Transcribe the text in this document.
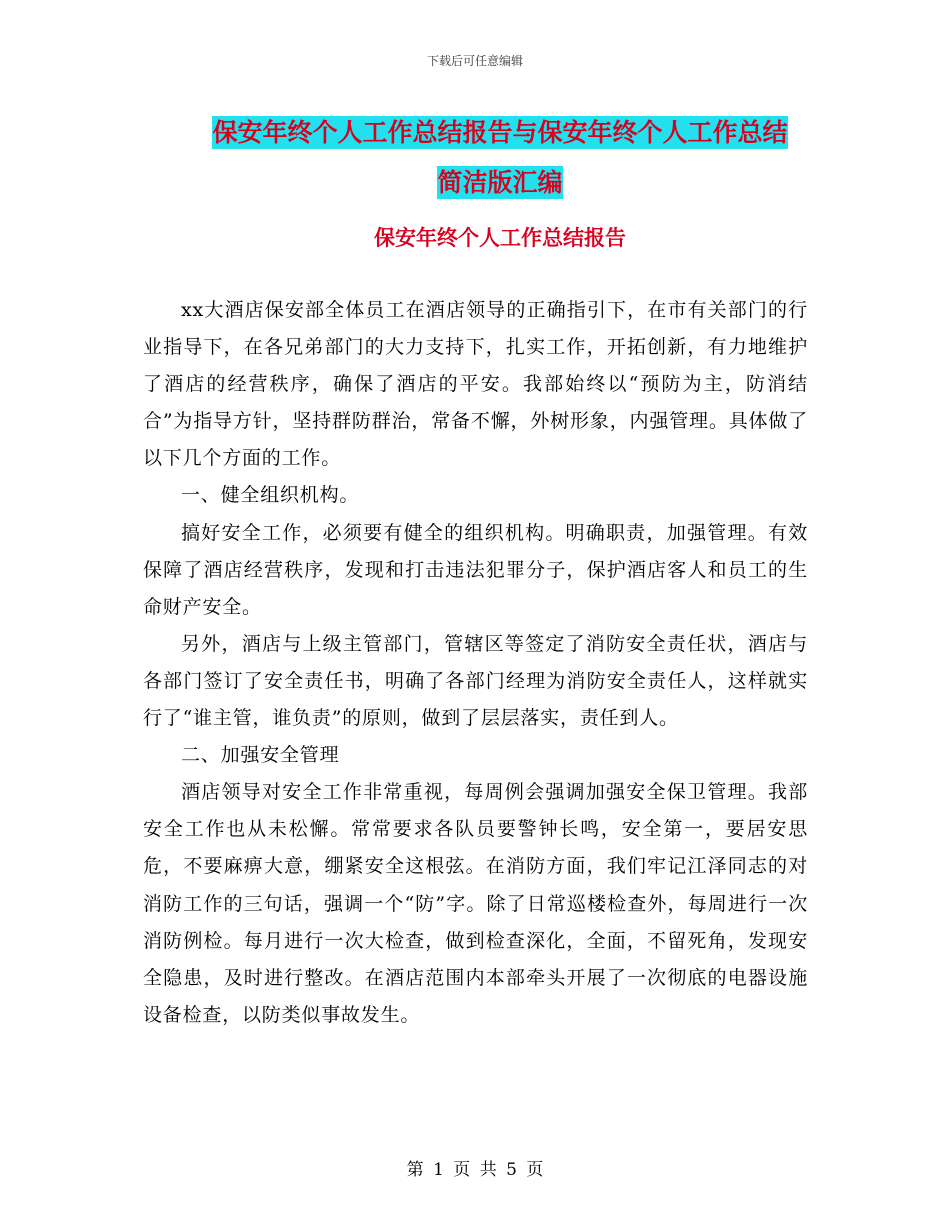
下载后可任意编辑
保安年终个人工作总结报告与保安年终个人工作总结
简洁版汇编
保安年终个人工作总结报告

xx大酒店保安部全体员工在酒店领导的正确指引下，在市有关部门的行业指导下，在各兄弟部门的大力支持下，扎实工作，开拓创新，有力地维护了酒店的经营秩序，确保了酒店的平安。我部始终以“预防为主，防消结合”为指导方针，坚持群防群治，常备不懈，外树形象，内强管理。具体做了以下几个方面的工作。

一、健全组织机构。

搞好安全工作，必须要有健全的组织机构。明确职责，加强管理。有效保障了酒店经营秩序，发现和打击违法犯罪分子，保护酒店客人和员工的生命财产安全。

另外，酒店与上级主管部门，管辖区等签定了消防安全责任状，酒店与各部门签订了安全责任书，明确了各部门经理为消防安全责任人，这样就实行了“谁主管，谁负责”的原则，做到了层层落实，责任到人。

二、加强安全管理

酒店领导对安全工作非常重视，每周例会强调加强安全保卫管理。我部安全工作也从未松懈。常常要求各队员要警钟长鸣，安全第一，要居安思危，不要麻痹大意，绷紧安全这根弦。在消防方面，我们牢记江泽同志的对消防工作的三句话，强调一个“防”字。除了日常巡楼检查外，每周进行一次消防例检。每月进行一次大检查，做到检查深化，全面，不留死角，发现安全隐患，及时进行整改。在酒店范围内本部牵头开展了一次彻底的电器设施设备检查，以防类似事故发生。

第 1 页 共 5 页
